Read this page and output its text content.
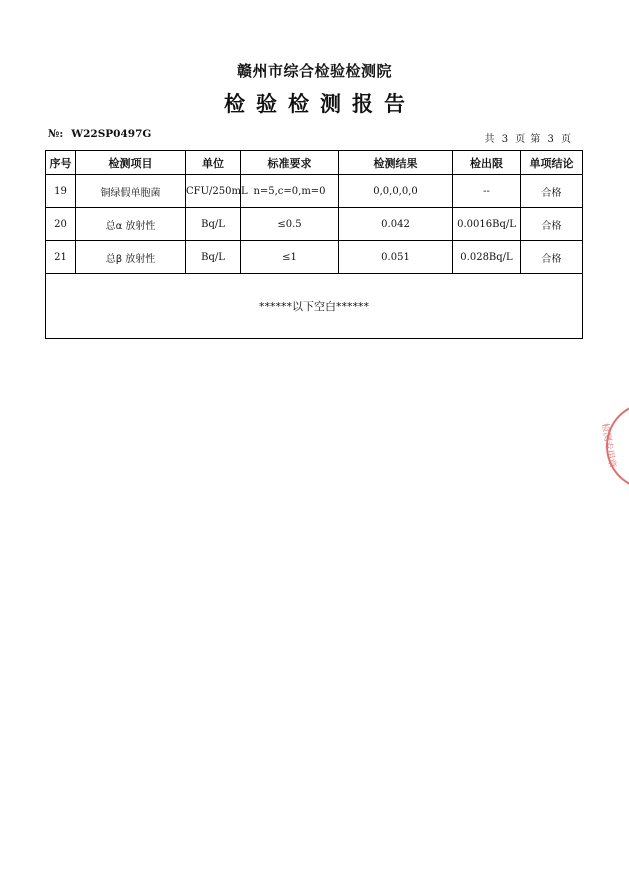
赣州市综合检验检测院
检验检测报告
№: W22SP0497G	共 3 页 第 3 页
序号	检测项目	单位	标准要求	检测结果	检出限	单项结论
19	铜绿假单胞菌	CFU/250mL	n=5,c=0,m=0	0,0,0,0,0	--	合格
20	总α 放射性	Bq/L	≤0.5	0.042	0.0016Bq/L	合格
21	总β 放射性	Bq/L	≤1	0.051	0.028Bq/L	合格
******以下空白******						
检测专用章
